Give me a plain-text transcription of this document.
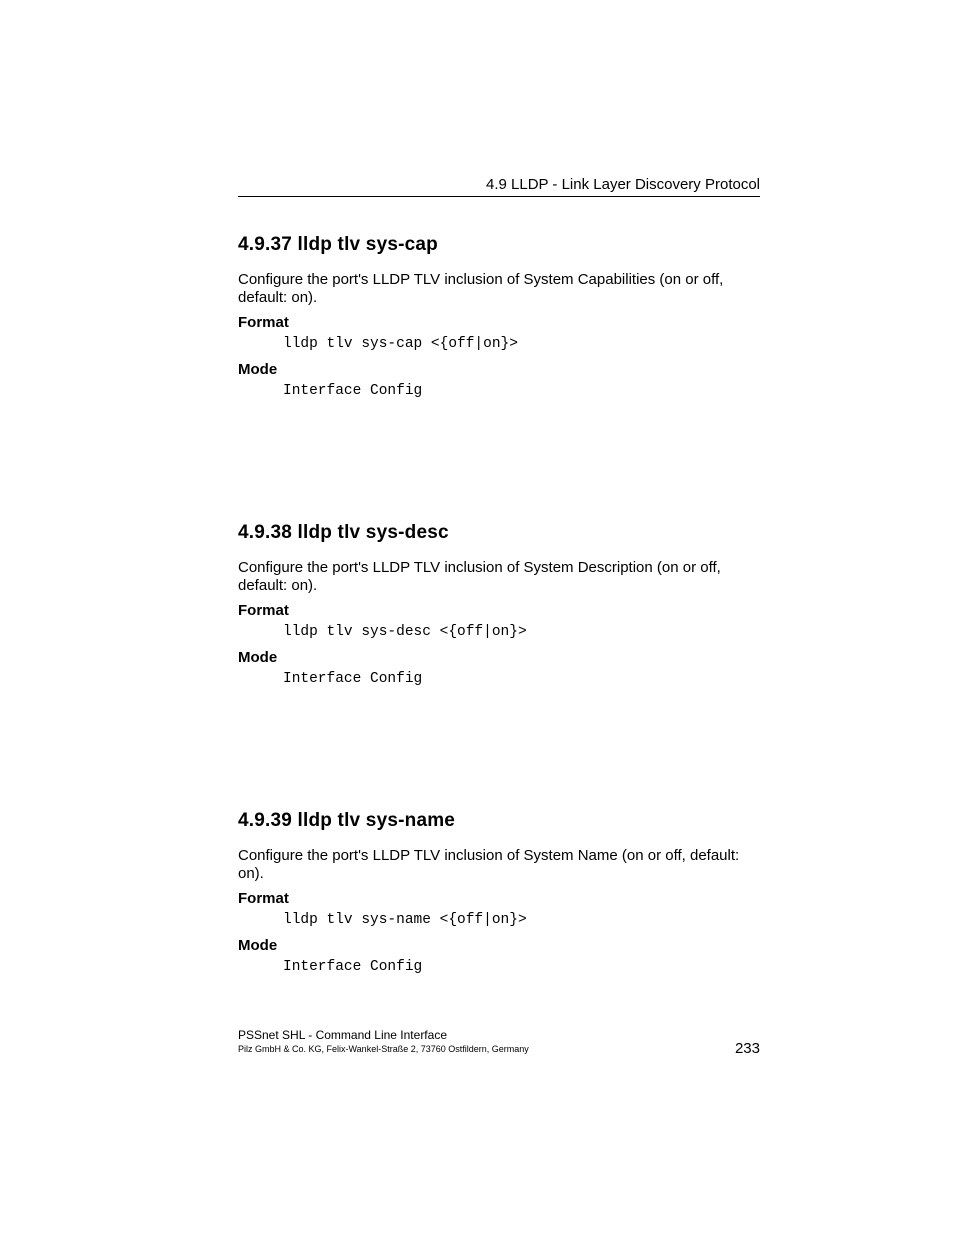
4.9 LLDP - Link Layer Discovery Protocol
4.9.37 lldp tlv sys-cap

Configure the port's LLDP TLV inclusion of System Capabilities (on or off, default: on).

Format
lldp tlv sys-cap <{off|on}>
Mode
Interface Config
4.9.38 lldp tlv sys-desc

Configure the port's LLDP TLV inclusion of System Description (on or off, default: on).

Format
lldp tlv sys-desc <{off|on}>
Mode
Interface Config
4.9.39 lldp tlv sys-name

Configure the port's LLDP TLV inclusion of System Name (on or off, default: on).

Format
lldp tlv sys-name <{off|on}>
Mode
Interface Config
PSSnet SHL - Command Line Interface
Pilz GmbH & Co. KG, Felix-Wankel-Straße 2, 73760 Ostfildern, Germany	233
